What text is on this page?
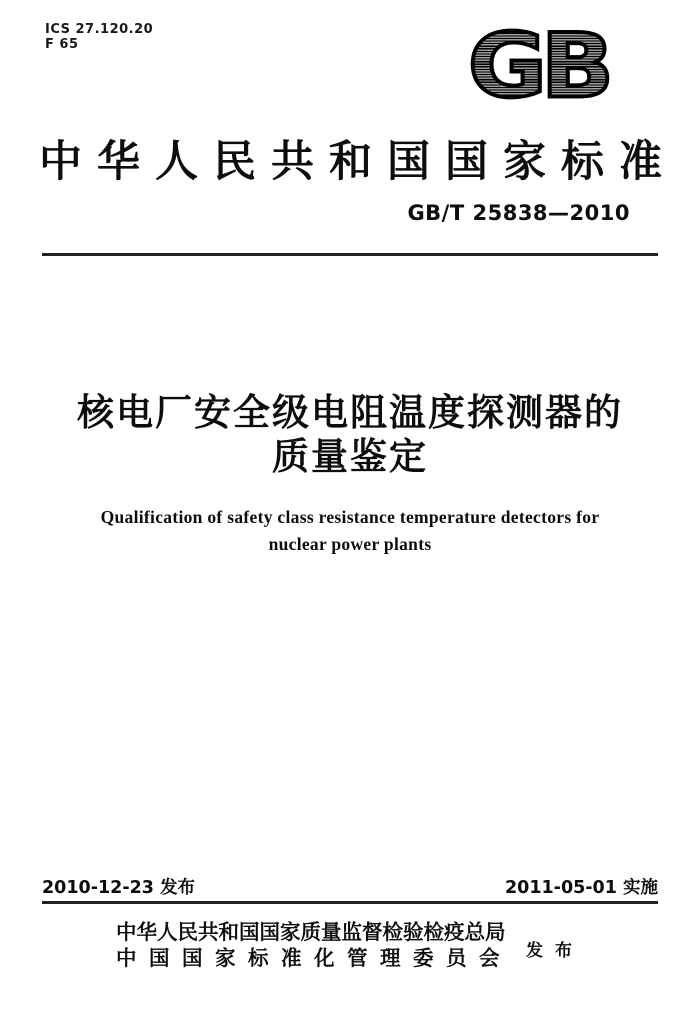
ICS 27.120.20
F 65	GB
中华人民共和国国家标准
GB/T 25838—2010
核电厂安全级电阻温度探测器的
质量鉴定
Qualification of safety class resistance temperature detectors for
nuclear power plants
2010-12-23 发布	2011-05-01 实施
中华人民共和国国家质量监督检验检疫总局
中国国家标准化管理委员会 发布
